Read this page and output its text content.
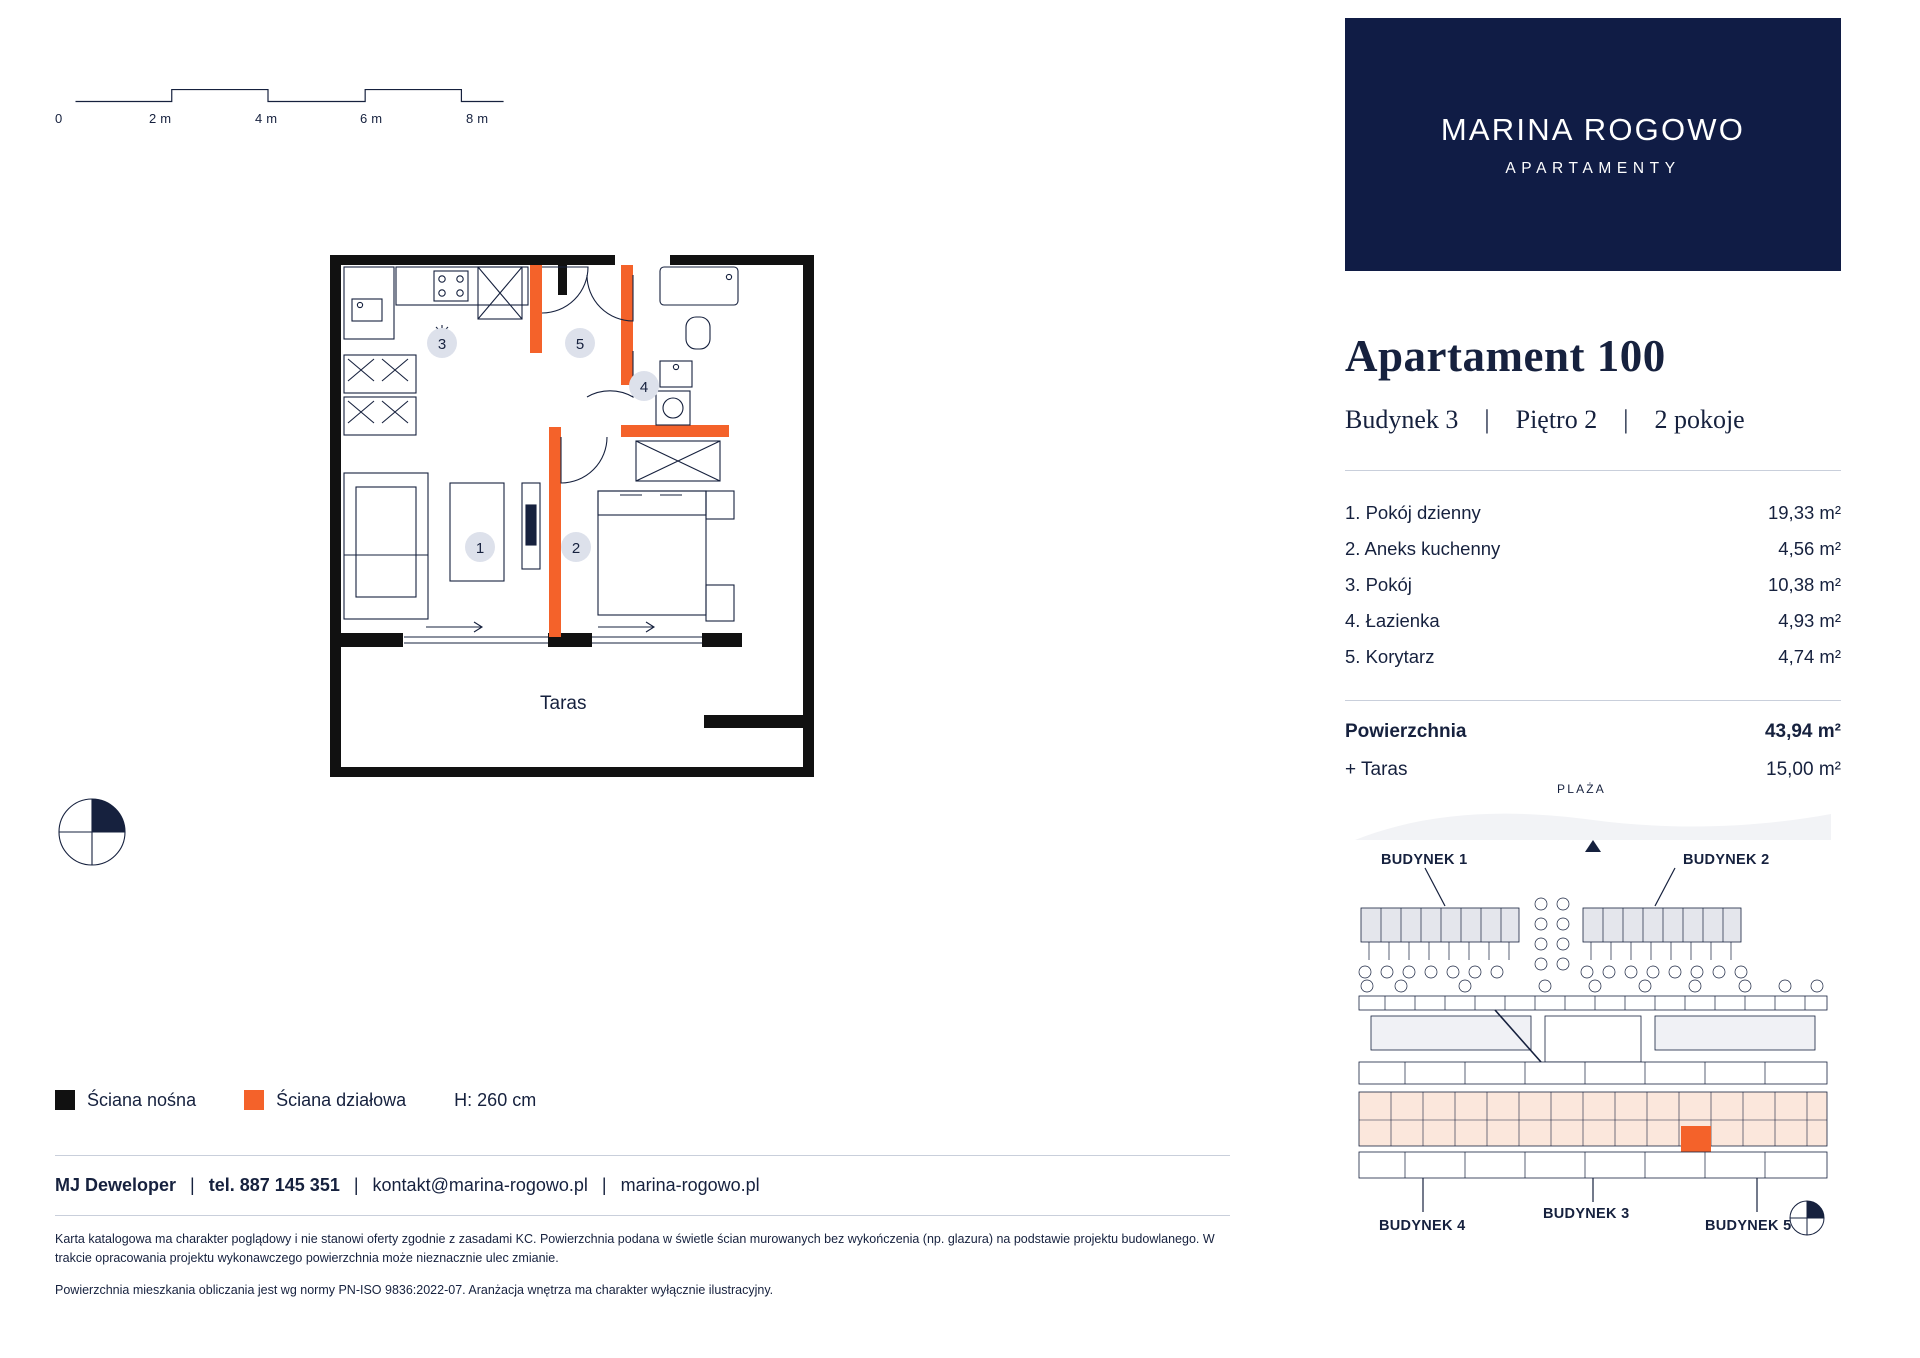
0	2 m	4 m	6 m	8 m
1	2
3
4
5
Taras
Ściana nośna	Ściana działowa	H: 260 cm
MJ Deweloper | tel. 887 145 351 | kontakt@marina-rogowo.pl | marina-rogowo.pl

Karta katalogowa ma charakter poglądowy i nie stanowi oferty zgodnie z zasadami KC. Powierzchnia podana w świetle ścian murowanych bez wykończenia (np. glazura) na podstawie projektu budowlanego. W trakcie opracowania projektu wykonawczego powierzchnia może nieznacznie ulec zmianie.

Powierzchnia mieszkania obliczania jest wg normy PN-ISO 9836:2022-07. Aranżacja wnętrza ma charakter wyłącznie ilustracyjny.

MARINA ROGOWO
APARTAMENTY
Apartament 100
Budynek 3 | Piętro 2 | 2 pokoje
1. Pokój dzienny	19,33 m²
2. Aneks kuchenny	4,56 m²
3. Pokój	10,38 m²
4. Łazienka	4,93 m²
5. Korytarz	4,74 m²
Powierzchnia	43,94 m²
+ Taras	15,00 m²
PLAŻA
BUDYNEK 1	BUDYNEK 2
BUDYNEK 3
BUDYNEK 4	BUDYNEK 5
